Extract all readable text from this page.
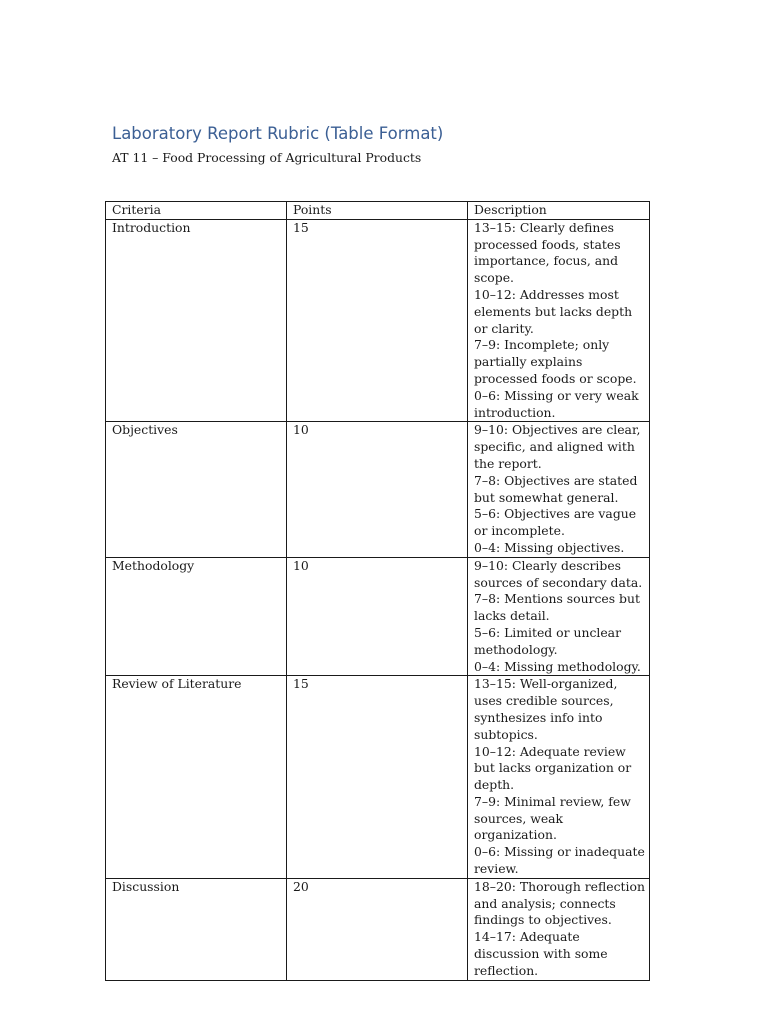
Laboratory Report Rubric (Table Format)

AT 11 – Food Processing of Agricultural Products

Criteria	Points	Description
Introduction	15	13–15: Clearly defines processed foods, states importance, focus, and scope.
10–12: Addresses most elements but lacks depth or clarity.
7–9: Incomplete; only partially explains processed foods or scope.
0–6: Missing or very weak introduction.

Objectives	10	9–10: Objectives are clear, specific, and aligned with the report.
7–8: Objectives are stated but somewhat general.
5–6: Objectives are vague or incomplete.
0–4: Missing objectives.

Methodology	10	9–10: Clearly describes sources of secondary data.
7–8: Mentions sources but lacks detail.
5–6: Limited or unclear methodology.
0–4: Missing methodology.

Review of Literature	15	13–15: Well-organized, uses credible sources, synthesizes info into subtopics.
10–12: Adequate review but lacks organization or depth.
7–9: Minimal review, few sources, weak organization.
0–6: Missing or inadequate review.

Discussion	20	18–20: Thorough reflection and analysis; connects findings to objectives.
14–17: Adequate discussion with some reflection.
